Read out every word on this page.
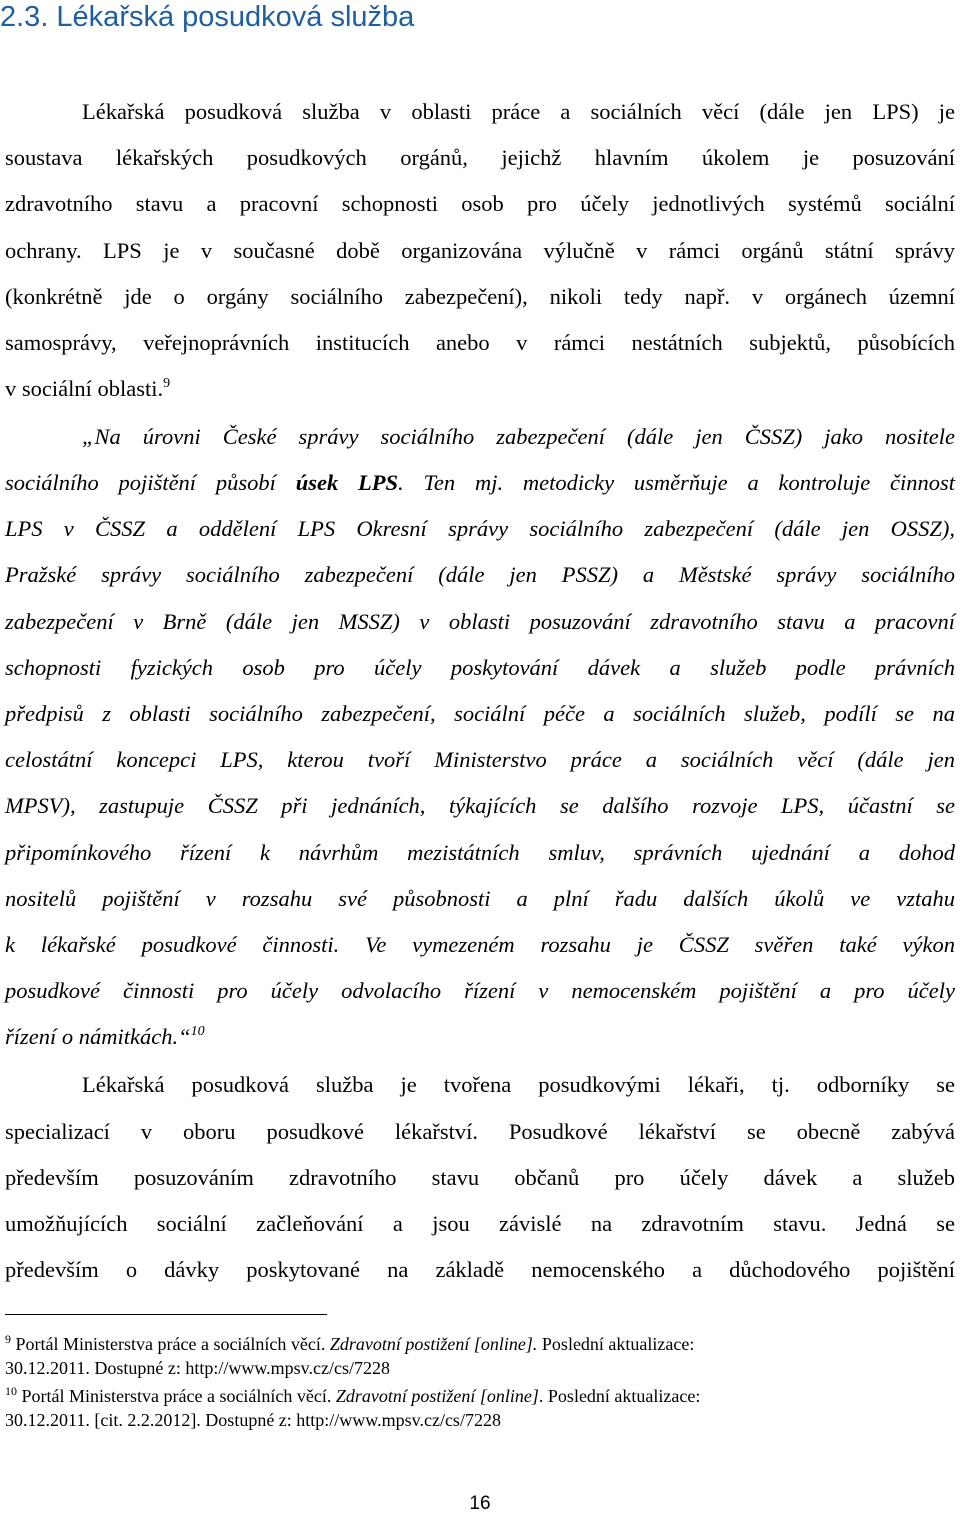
2.3. Lékařská posudková služba
Lékařská posudková služba v oblasti práce a sociálních věcí (dále jen LPS) je
soustava lékařských posudkových orgánů, jejichž hlavním úkolem je posuzování
zdravotního stavu a pracovní schopnosti osob pro účely jednotlivých systémů sociální
ochrany. LPS je v současné době organizována výlučně v rámci orgánů státní správy
(konkrétně jde o orgány sociálního zabezpečení), nikoli tedy např. v orgánech územní
samosprávy, veřejnoprávních institucích anebo v rámci nestátních subjektů, působících
v sociální oblasti.$^9$
„Na úrovni České správy sociálního zabezpečení (dále jen ČSSZ) jako nositele
sociálního pojištění působí úsek LPS. Ten mj. metodicky usměrňuje a kontroluje činnost
LPS v ČSSZ a oddělení LPS Okresní správy sociálního zabezpečení (dále jen OSSZ),
Pražské správy sociálního zabezpečení (dále jen PSSZ) a Městské správy sociálního
zabezpečení v Brně (dále jen MSSZ) v oblasti posuzování zdravotního stavu a pracovní
schopnosti fyzických osob pro účely poskytování dávek a služeb podle právních
předpisů z oblasti sociálního zabezpečení, sociální péče a sociálních služeb, podílí se na
celostátní koncepci LPS, kterou tvoří Ministerstvo práce a sociálních věcí (dále jen
MPSV), zastupuje ČSSZ při jednáních, týkajících se dalšího rozvoje LPS, účastní se
připomínkového řízení k návrhům mezistátních smluv, správních ujednání a dohod
nositelů pojištění v rozsahu své působnosti a plní řadu dalších úkolů ve vztahu
k lékařské posudkové činnosti. Ve vymezeném rozsahu je ČSSZ svěřen také výkon
posudkové činnosti pro účely odvolacího řízení v nemocenském pojištění a pro účely
řízení o námitkách.“$^{10}$
Lékařská posudková služba je tvořena posudkovými lékaři, tj. odborníky se
specializací v oboru posudkové lékařství. Posudkové lékařství se obecně zabývá
především posuzováním zdravotního stavu občanů pro účely dávek a služeb
umožňujících sociální začleňování a jsou závislé na zdravotním stavu. Jedná se
především o dávky poskytované na základě nemocenského a důchodového pojištění
$^9$ Portál Ministerstva práce a sociálních věcí. Zdravotní postižení [online]. Poslední aktualizace:
30.12.2011. Dostupné z: http://www.mpsv.cz/cs/7228
$^{10}$ Portál Ministerstva práce a sociálních věcí. Zdravotní postižení [online]. Poslední aktualizace:
30.12.2011. [cit. 2.2.2012]. Dostupné z: http://www.mpsv.cz/cs/7228
16
